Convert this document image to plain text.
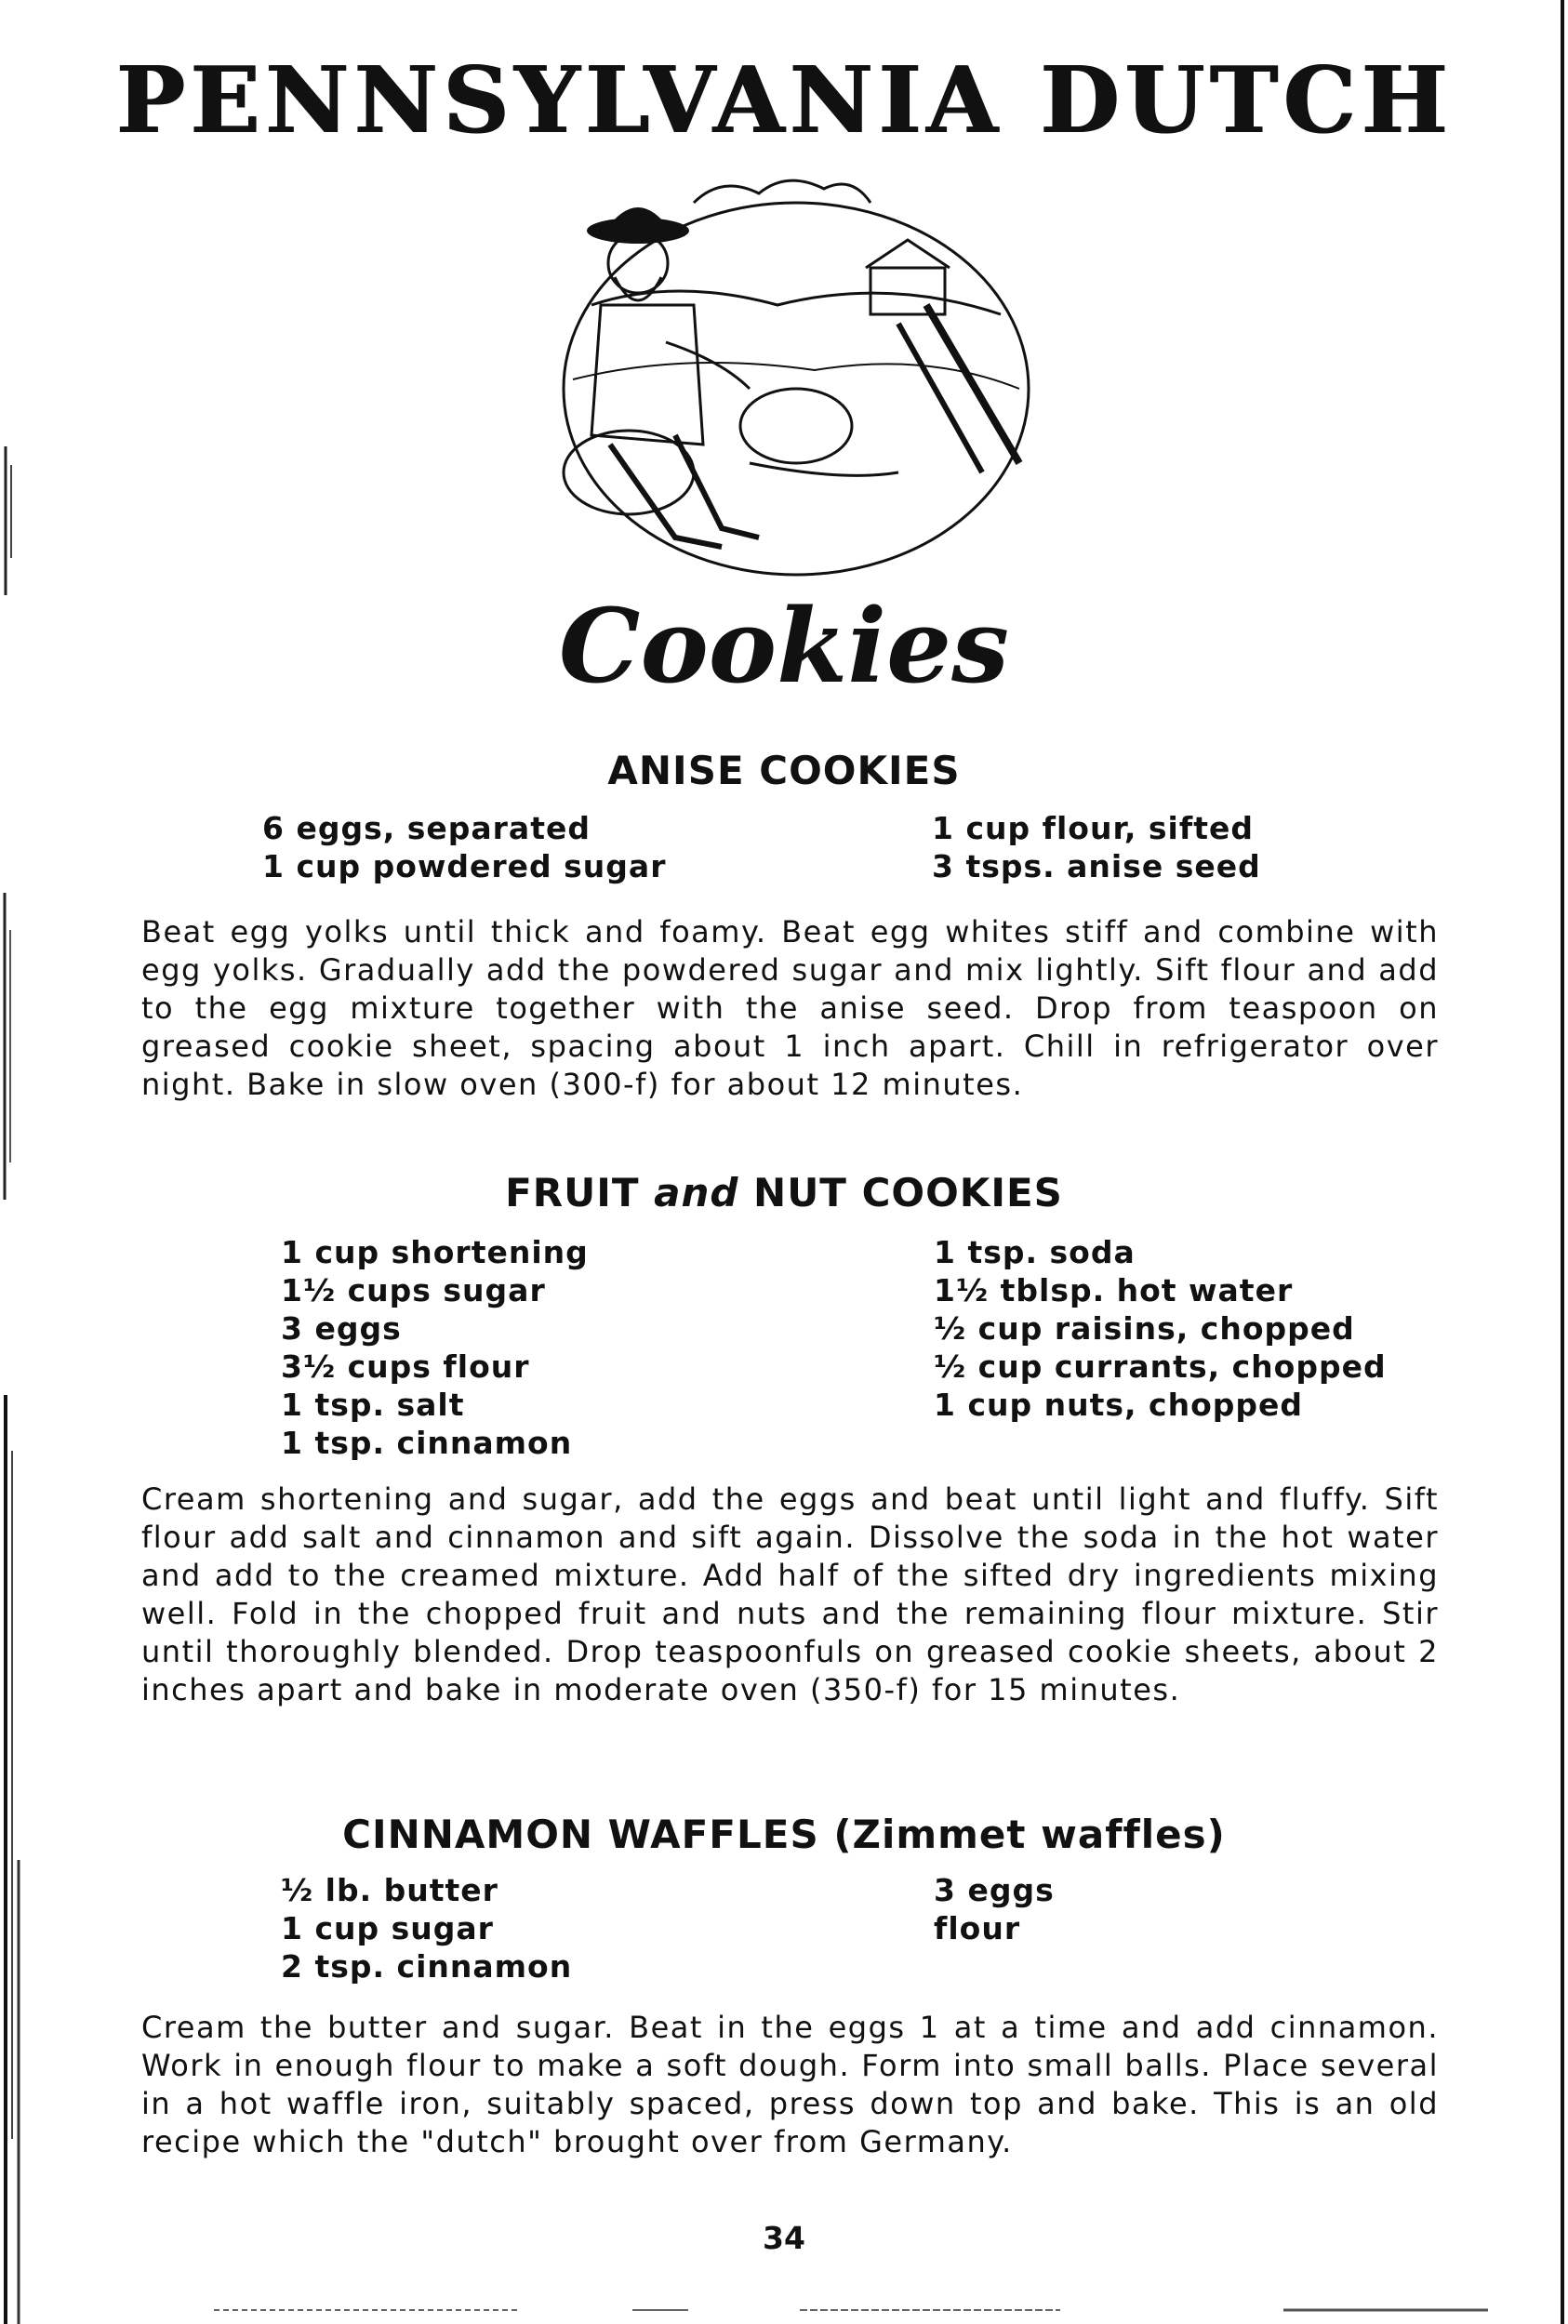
PENNSYLVANIA DUTCH
Cookies
ANISE COOKIES
6 eggs, separated
1 cup powdered sugar
1 cup flour, sifted
3 tsps. anise seed
Beat egg yolks until thick and foamy. Beat egg whites stiff and combine with egg yolks. Gradually add the powdered sugar and mix lightly. Sift flour and add to the egg mixture together with the anise seed. Drop from teaspoon on greased cookie sheet, spacing about 1 inch apart. Chill in refrigerator over night. Bake in slow oven (300-f) for about 12 minutes.
FRUIT and NUT COOKIES
1 cup shortening
1½ cups sugar
3 eggs
3½ cups flour
1 tsp. salt
1 tsp. cinnamon
1 tsp. soda
1½ tblsp. hot water
½ cup raisins, chopped
½ cup currants, chopped
1 cup nuts, chopped
Cream shortening and sugar, add the eggs and beat until light and fluffy. Sift flour add salt and cinnamon and sift again. Dissolve the soda in the hot water and add to the creamed mixture. Add half of the sifted dry ingredients mixing well. Fold in the chopped fruit and nuts and the remaining flour mixture. Stir until thoroughly blended. Drop teaspoonfuls on greased cookie sheets, about 2 inches apart and bake in moderate oven (350-f) for 15 minutes.
CINNAMON WAFFLES (Zimmet waffles)
½ lb. butter
1 cup sugar
2 tsp. cinnamon
3 eggs
flour
Cream the butter and sugar. Beat in the eggs 1 at a time and add cinnamon. Work in enough flour to make a soft dough. Form into small balls. Place several in a hot waffle iron, suitably spaced, press down top and bake. This is an old recipe which the "dutch" brought over from Germany.
34
